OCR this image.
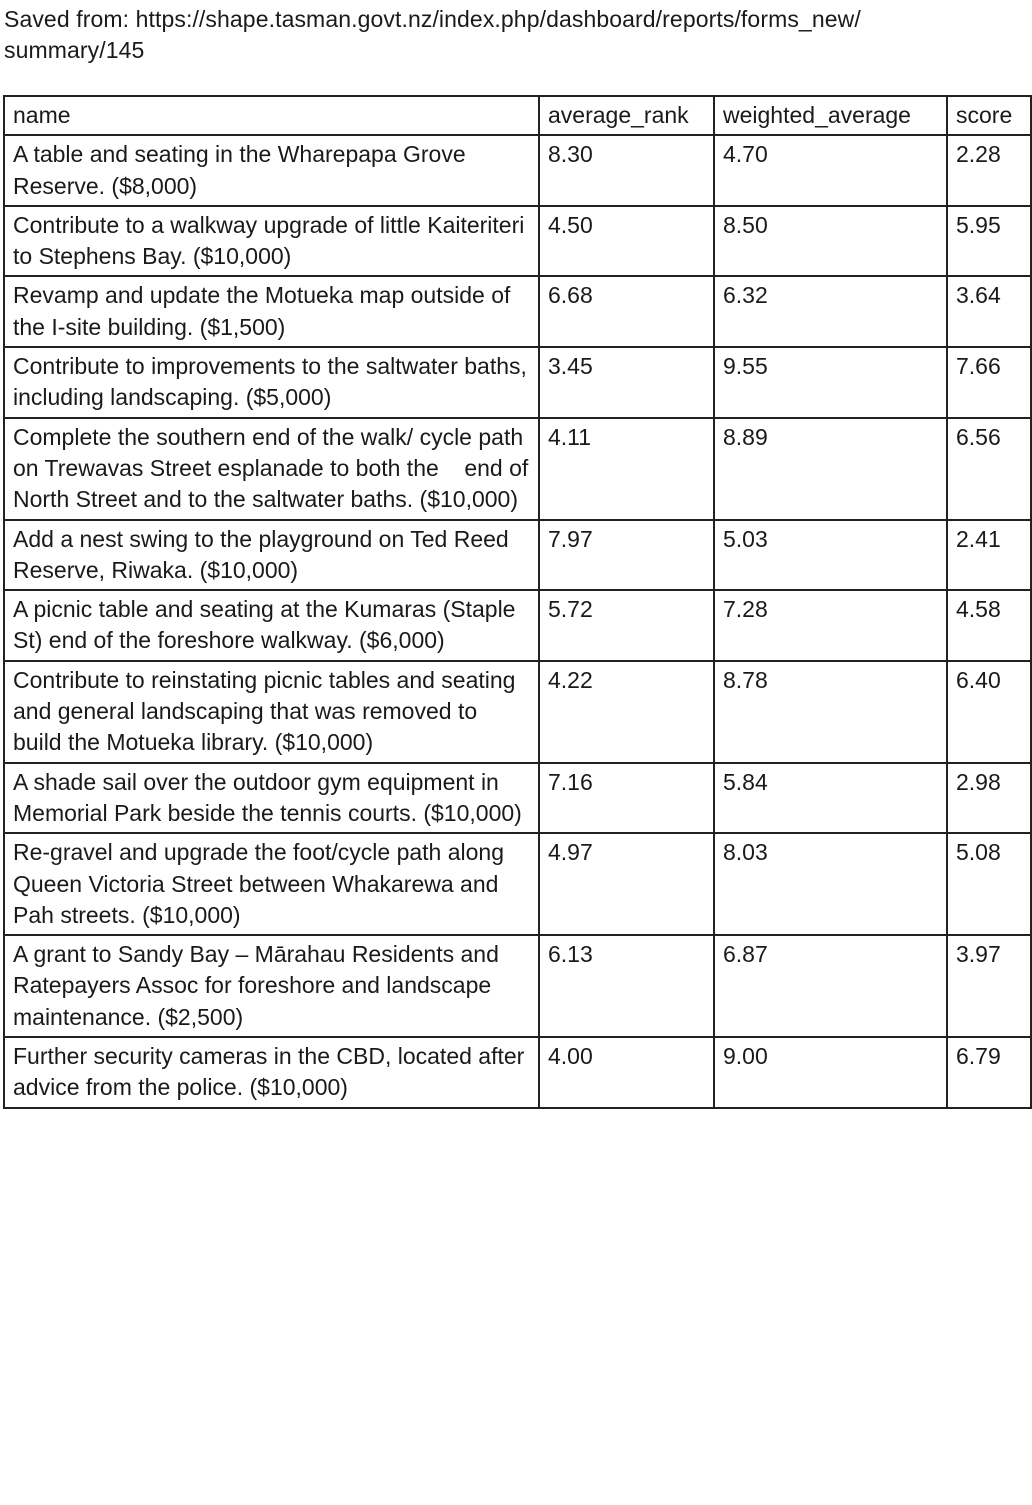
Saved from: https://shape.tasman.govt.nz/index.php/dashboard/reports/forms_new/
summary/145

name	average_rank	weighted_average	score
A table and seating in the Wharepapa Grove Reserve. ($8,000)	8.30	4.70	2.28
Contribute to a walkway upgrade of little Kaiteriteri to Stephens Bay. ($10,000)	4.50	8.50	5.95
Revamp and update the Motueka map outside of the I-site building. ($1,500)	6.68	6.32	3.64
Contribute to improvements to the saltwater baths, including landscaping. ($5,000)	3.45	9.55	7.66
Complete the southern end of the walk/ cycle path on Trewavas Street esplanade to both the    end of North Street and to the saltwater baths. ($10,000)	4.11	8.89	6.56
Add a nest swing to the playground on Ted Reed Reserve, Riwaka. ($10,000)	7.97	5.03	2.41
A picnic table and seating at the Kumaras (Staple St) end of the foreshore walkway. ($6,000)	5.72	7.28	4.58
Contribute to reinstating picnic tables and seating and general landscaping that was removed to build the Motueka library. ($10,000)	4.22	8.78	6.40
A shade sail over the outdoor gym equipment in Memorial Park beside the tennis courts. ($10,000)	7.16	5.84	2.98
Re-gravel and upgrade the foot/cycle path along Queen Victoria Street between Whakarewa and Pah streets. ($10,000)	4.97	8.03	5.08
A grant to Sandy Bay – Mārahau Residents and Ratepayers Assoc for foreshore and landscape maintenance. ($2,500)	6.13	6.87	3.97
Further security cameras in the CBD, located after advice from the police. ($10,000)	4.00	9.00	6.79
